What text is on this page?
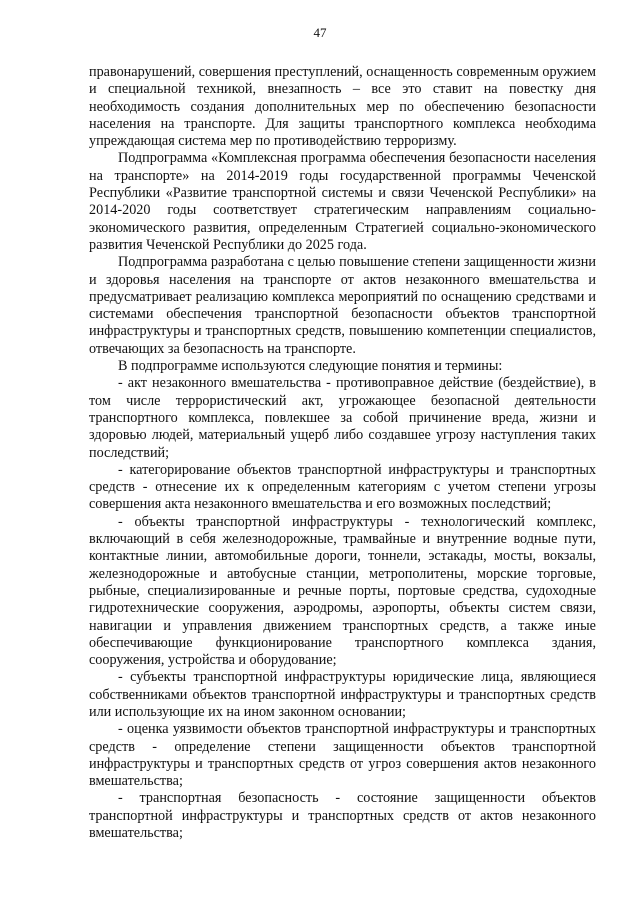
47

правонарушений, совершения преступлений, оснащенность современным оружием и специальной техникой, внезапность – все это ставит на повестку дня необходимость создания дополнительных мер по обеспечению безопасности населения на транспорте. Для защиты транспортного комплекса необходима упреждающая система мер по противодействию терроризму.

Подпрограмма «Комплексная программа обеспечения безопасности населения на транспорте» на 2014-2019 годы государственной программы Чеченской Республики «Развитие транспортной системы и связи Чеченской Республики» на 2014-2020 годы соответствует стратегическим направлениям социально-экономического развития, определенным Стратегией социально-экономического развития Чеченской Республики до 2025 года.

Подпрограмма разработана с целью повышение степени защищенности жизни и здоровья населения на транспорте от актов незаконного вмешательства и предусматривает реализацию комплекса мероприятий по оснащению средствами и системами обеспечения транспортной безопасности объектов транспортной инфраструктуры и транспортных средств, повышению компетенции специалистов, отвечающих за безопасность на транспорте.

В подпрограмме используются следующие понятия и термины:

- акт незаконного вмешательства - противоправное действие (бездействие), в том числе террористический акт, угрожающее безопасной деятельности транспортного комплекса, повлекшее за собой причинение вреда, жизни и здоровью людей, материальный ущерб либо создавшее угрозу наступления таких последствий;

- категорирование объектов транспортной инфраструктуры и транспортных средств - отнесение их к определенным категориям с учетом степени угрозы совершения акта незаконного вмешательства и его возможных последствий;

- объекты транспортной инфраструктуры - технологический комплекс, включающий в себя железнодорожные, трамвайные и внутренние водные пути, контактные линии, автомобильные дороги, тоннели, эстакады, мосты, вокзалы, железнодорожные и автобусные станции, метрополитены, морские торговые, рыбные, специализированные и речные порты, портовые средства, судоходные гидротехнические сооружения, аэродромы, аэропорты, объекты систем связи, навигации и управления движением транспортных средств, а также иные обеспечивающие функционирование транспортного комплекса здания, сооружения, устройства и оборудование;

- субъекты транспортной инфраструктуры юридические лица, являющиеся собственниками объектов транспортной инфраструктуры и транспортных средств или использующие их на ином законном основании;

- оценка уязвимости объектов транспортной инфраструктуры и транспортных средств - определение степени защищенности объектов транспортной инфраструктуры и транспортных средств от угроз совершения актов незаконного вмешательства;

- транспортная безопасность - состояние защищенности объектов транспортной инфраструктуры и транспортных средств от актов незаконного вмешательства;
